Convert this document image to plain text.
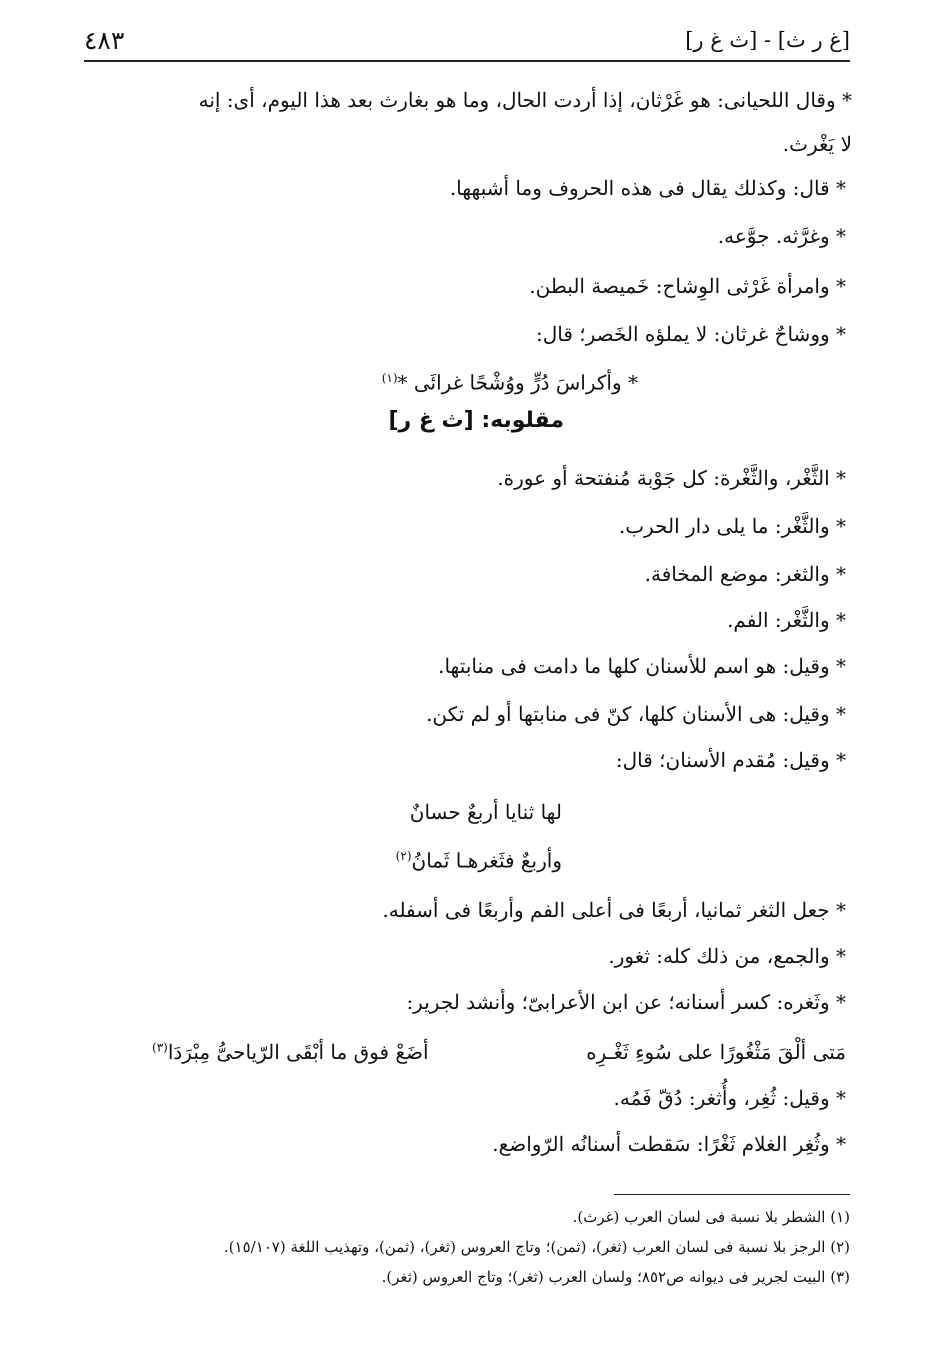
[غ ر ث] - [ث غ ر]
٤٨٣
* وقال اللحيانى: هو غَرْثان، إذا أردت الحال، وما هو بغارث بعد هذا اليوم، أى: إنه
لا يَغْرث.
* قال: وكذلك يقال فى هذه الحروف وما أشبهها.
* وغرَّثه. جوَّعه.
* وامرأة غَرْثى الوِشاح: خَميصة البطن.
* ووشاحٌ غرثان: لا يملؤه الخَصر؛ قال:
* وأكراسَ دُرٍّ ووُشْحًا غرائَى *$^{(١)}$
مقلوبه: [ث غ ر]
* الثَّغْر، والثَّغْرة: كل جَوْبة مُنفتحة أو عورة.
* والثَّغْر: ما يلى دار الحرب.
* والثغر: موضع المخافة.
* والثَّغْر: الفم.
* وقيل: هو اسم للأسنان كلها ما دامت فى منابتها.
* وقيل: هى الأسنان كلها، كنّ فى منابتها أو لم تكن.
* وقيل: مُقدم الأسنان؛ قال:
لها ثنايا أربعٌ حسانٌ
وأربعٌ فثَغرهـا ثَمانُ$^{(٢)}$
* جعل الثغر ثمانيا، أربعًا فى أعلى الفم وأربعًا فى أسفله.
* والجمع، من ذلك كله: ثغور.
* وثَغره: كسر أسنانه؛ عن ابن الأعرابىّ؛ وأنشد لجرير:
مَتى ألْقَ مَثْغُورًا على سُوءِ ثَغْـرِه
أضَعْ فوق ما أبْقَى الرّياحىُّ مِبْرَدَا$^{(٣)}$
* وقيل: ثُغِر، وأُثغر: دُقّ فَمُه.
* وثُغِر الغلام ثَغْرًا: سَقطت أسنانُه الرّواضع.
(١) الشطر بلا نسبة فى لسان العرب (غرث).
(٢) الرجز بلا نسبة فى لسان العرب (ثغر)، (ثمن)؛ وتاج العروس (ثغر)، (ثمن)، وتهذيب اللغة (١٥/١٠٧).
(٣) البيت لجرير فى ديوانه ص٨٥٢؛ ولسان العرب (ثغر)؛ وتاج العروس (ثغر).
